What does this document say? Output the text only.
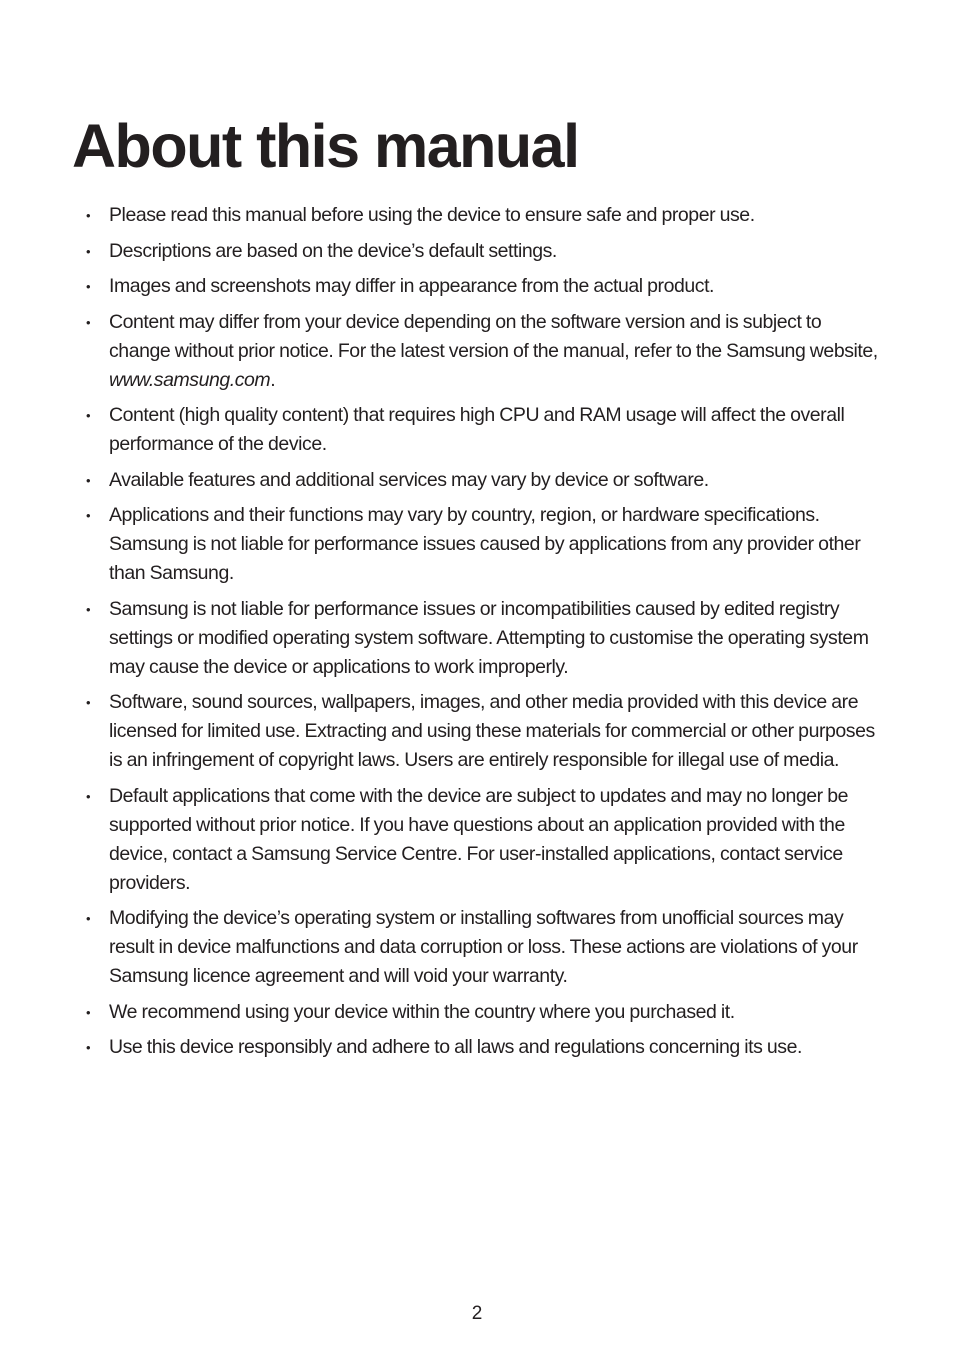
About this manual
• Please read this manual before using the device to ensure safe and proper use.
• Descriptions are based on the device’s default settings.
• Images and screenshots may differ in appearance from the actual product.
• Content may differ from your device depending on the software version and is subject to change without prior notice. For the latest version of the manual, refer to the Samsung website, www.samsung.com.
• Content (high quality content) that requires high CPU and RAM usage will affect the overall performance of the device.
• Available features and additional services may vary by device or software.
• Applications and their functions may vary by country, region, or hardware specifications. Samsung is not liable for performance issues caused by applications from any provider other than Samsung.
• Samsung is not liable for performance issues or incompatibilities caused by edited registry settings or modified operating system software. Attempting to customise the operating system may cause the device or applications to work improperly.
• Software, sound sources, wallpapers, images, and other media provided with this device are licensed for limited use. Extracting and using these materials for commercial or other purposes is an infringement of copyright laws. Users are entirely responsible for illegal use of media.
• Default applications that come with the device are subject to updates and may no longer be supported without prior notice. If you have questions about an application provided with the device, contact a Samsung Service Centre. For user-installed applications, contact service providers.
• Modifying the device’s operating system or installing softwares from unofficial sources may result in device malfunctions and data corruption or loss. These actions are violations of your Samsung licence agreement and will void your warranty.
• We recommend using your device within the country where you purchased it.
• Use this device responsibly and adhere to all laws and regulations concerning its use.
2
